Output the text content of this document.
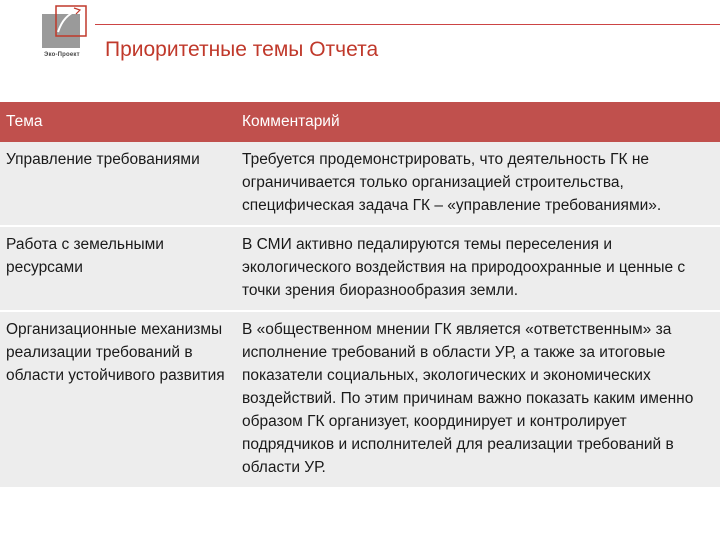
Эко-Проект Приоритетные темы Отчета
Тема	Комментарий
Управление требованиями	Требуется продемонстрировать, что деятельность ГК не ограничивается только организацией строительства, специфическая задача ГК – «управление требованиями».
Работа с земельными ресурсами	В СМИ активно педалируются темы переселения и экологического воздействия на природоохранные и ценные с точки зрения биоразнообразия земли.
Организационные механизмы реализации требований в области устойчивого развития	В «общественном мнении ГК является «ответственным» за исполнение требований в области УР, а также за итоговые показатели социальных, экологических и экономических воздействий. По этим причинам важно показать каким именно образом ГК организует, координирует и контролирует подрядчиков и исполнителей для реализации требований в области УР.
